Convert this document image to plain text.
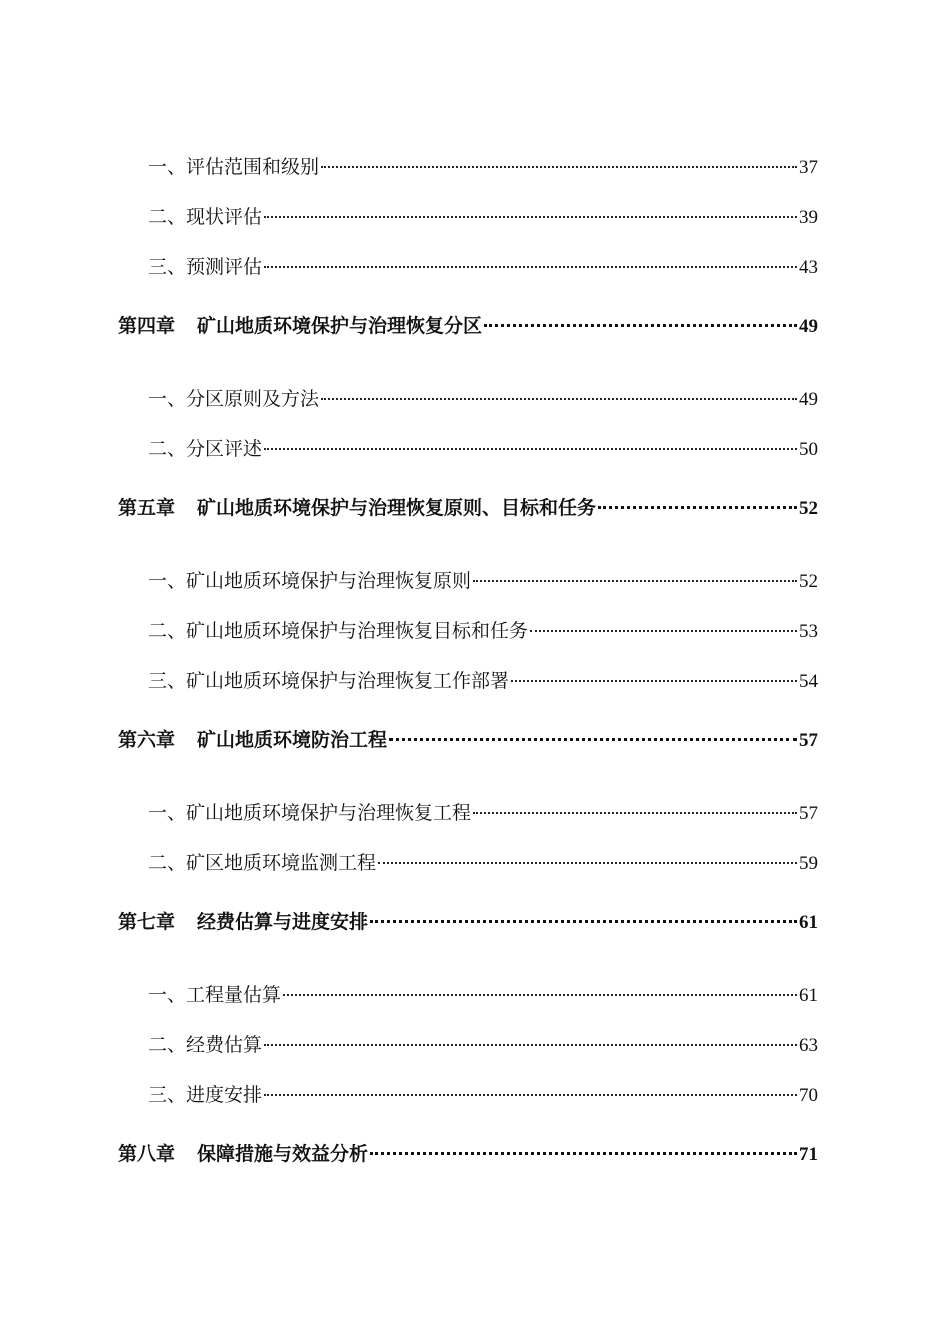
一、评估范围和级别	37
二、现状评估	39
三、预测评估	43
第四章 矿山地质环境保护与治理恢复分区	49
一、分区原则及方法	49
二、分区评述	50
第五章 矿山地质环境保护与治理恢复原则、目标和任务	52
一、矿山地质环境保护与治理恢复原则	52
二、矿山地质环境保护与治理恢复目标和任务	53
三、矿山地质环境保护与治理恢复工作部署	54
第六章 矿山地质环境防治工程	57
一、矿山地质环境保护与治理恢复工程	57
二、矿区地质环境监测工程	59
第七章 经费估算与进度安排	61
一、工程量估算	61
二、经费估算	63
三、进度安排	70
第八章 保障措施与效益分析	71
